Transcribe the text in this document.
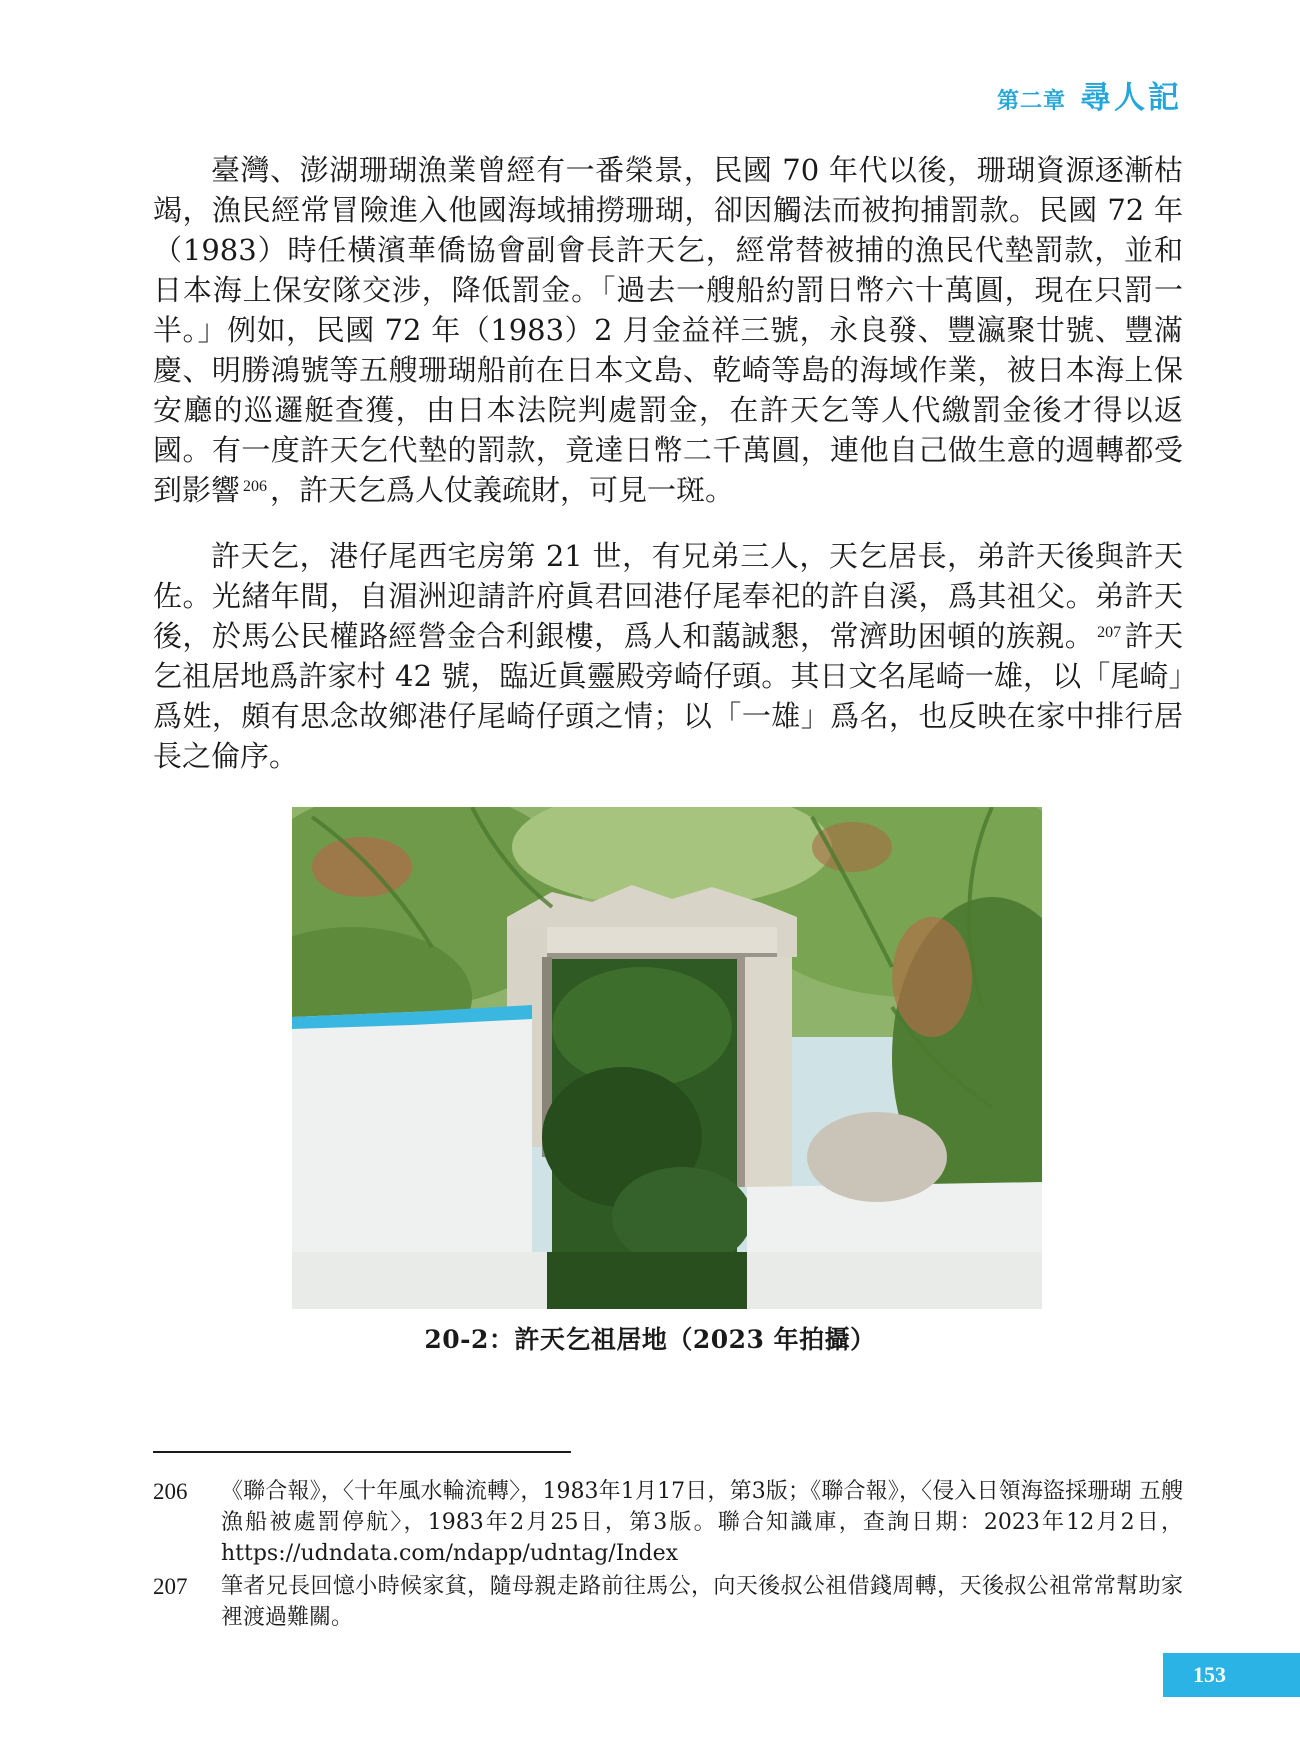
第二章 尋人記

臺灣、澎湖珊瑚漁業曾經有一番榮景，民國 70 年代以後，珊瑚資源逐漸枯竭，漁民經常冒險進入他國海域捕撈珊瑚，卻因觸法而被拘捕罰款。民國 72 年（1983）時任橫濱華僑協會副會長許天乞，經常替被捕的漁民代墊罰款，並和日本海上保安隊交涉，降低罰金。「過去一艘船約罰日幣六十萬圓，現在只罰一半。」例如，民國 72 年（1983）2 月金益祥三號，永良發、豐瀛聚廿號、豐滿慶、明勝鴻號等五艘珊瑚船前在日本文島、乾崎等島的海域作業，被日本海上保安廳的巡邏艇查獲，由日本法院判處罰金，在許天乞等人代繳罰金後才得以返國。有一度許天乞代墊的罰款，竟達日幣二千萬圓，連他自己做生意的週轉都受到影響 $^{206}$ ，許天乞爲人仗義疏財，可見一斑。

許天乞，港仔尾西宅房第 21 世，有兄弟三人，天乞居長，弟許天後與許天佐。光緒年間，自湄洲迎請許府眞君回港仔尾奉祀的許自溪，爲其祖父。弟許天後，於馬公民權路經營金合利銀樓，爲人和藹誠懇，常濟助困頓的族親。 $^{207}$ 許天乞祖居地爲許家村 42 號，臨近眞靈殿旁崎仔頭。其日文名尾崎一雄，以「尾崎」爲姓，頗有思念故鄉港仔尾崎仔頭之情；以「一雄」爲名，也反映在家中排行居長之倫序。

20-2：許天乞祖居地（2023 年拍攝）
206	《聯合報》，〈十年風水輪流轉〉，1983年1月17日，第3版；《聯合報》，〈侵入日領海盜採珊瑚 五艘漁船被處罰停航〉，1983年2月25日，第3版。聯合知識庫，查詢日期：2023年12月2日，https://udndata.com/ndapp/udntag/Index
207	筆者兄長回憶小時候家貧，隨母親走路前往馬公，向天後叔公祖借錢周轉，天後叔公祖常常幫助家裡渡過難關。
153
